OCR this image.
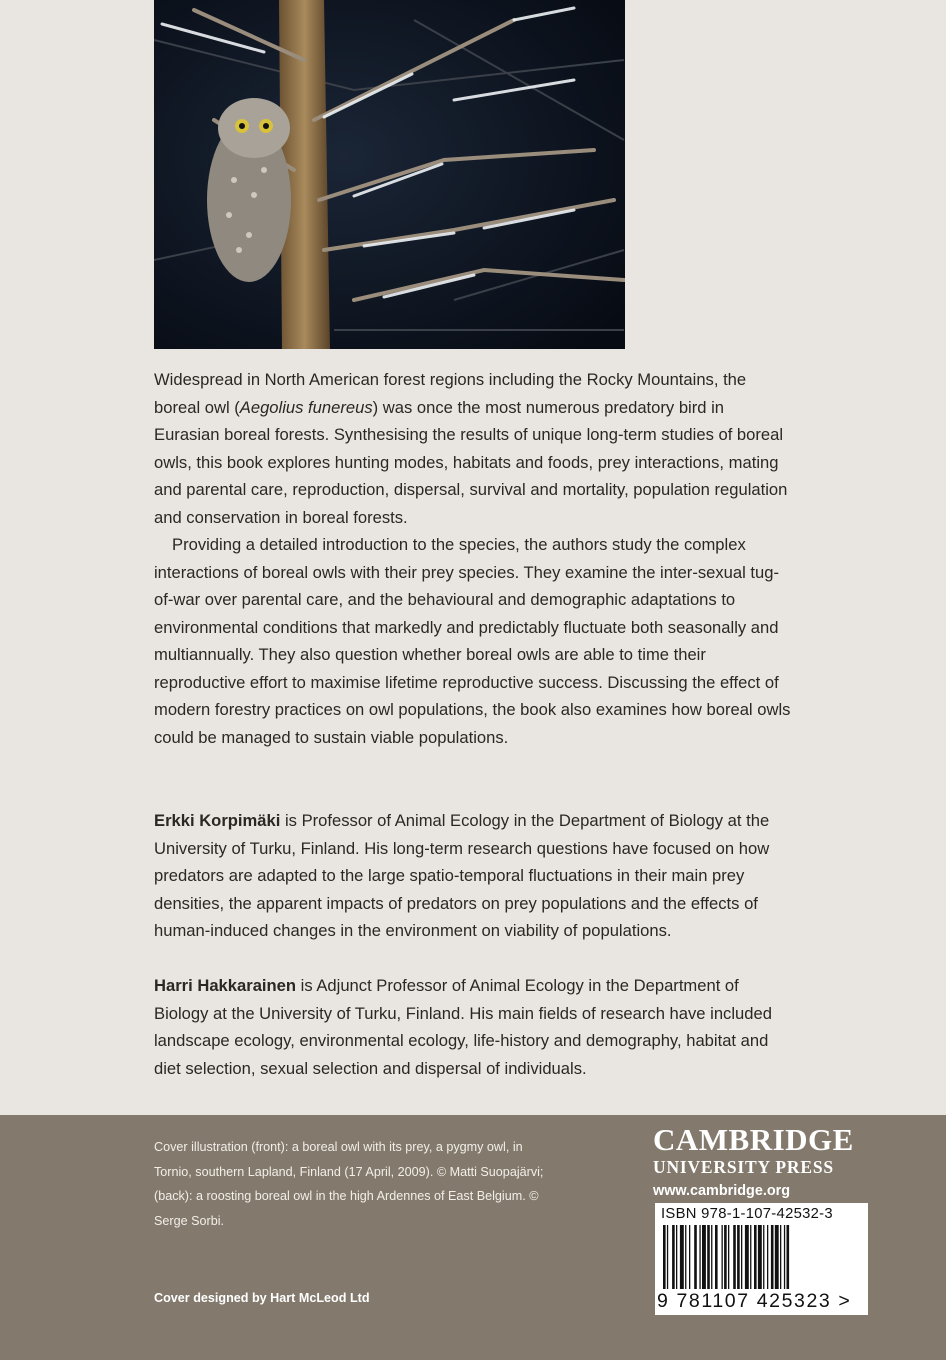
Widespread in North American forest regions including the Rocky Mountains, the boreal owl (Aegolius funereus) was once the most numerous predatory bird in Eurasian boreal forests. Synthesising the results of unique long-term studies of boreal owls, this book explores hunting modes, habitats and foods, prey interactions, mating and parental care, reproduction, dispersal, survival and mortality, population regulation and conservation in boreal forests.

Providing a detailed introduction to the species, the authors study the complex interactions of boreal owls with their prey species. They examine the inter-sexual tug-of-war over parental care, and the behavioural and demographic adaptations to environmental conditions that markedly and predictably fluctuate both seasonally and multiannually. They also question whether boreal owls are able to time their reproductive effort to maximise lifetime reproductive success. Discussing the effect of modern forestry practices on owl populations, the book also examines how boreal owls could be managed to sustain viable populations.

Erkki Korpimäki is Professor of Animal Ecology in the Department of Biology at the University of Turku, Finland. His long-term research questions have focused on how predators are adapted to the large spatio-temporal fluctuations in their main prey densities, the apparent impacts of predators on prey populations and the effects of human-induced changes in the environment on viability of populations.

Harri Hakkarainen is Adjunct Professor of Animal Ecology in the Department of Biology at the University of Turku, Finland. His main fields of research have included landscape ecology, environmental ecology, life-history and demography, habitat and diet selection, sexual selection and dispersal of individuals.

Cover illustration (front): a boreal owl with its prey, a pygmy owl, in Tornio, southern Lapland, Finland (17 April, 2009). © Matti Suopajärvi; (back): a roosting boreal owl in the high Ardennes of East Belgium. © Serge Sorbi.
Cover designed by Hart McLeod Ltd
CAMBRIDGE
UNIVERSITY PRESS
www.cambridge.org
ISBN 978-1-107-42532-3
9 781107 425323 >
